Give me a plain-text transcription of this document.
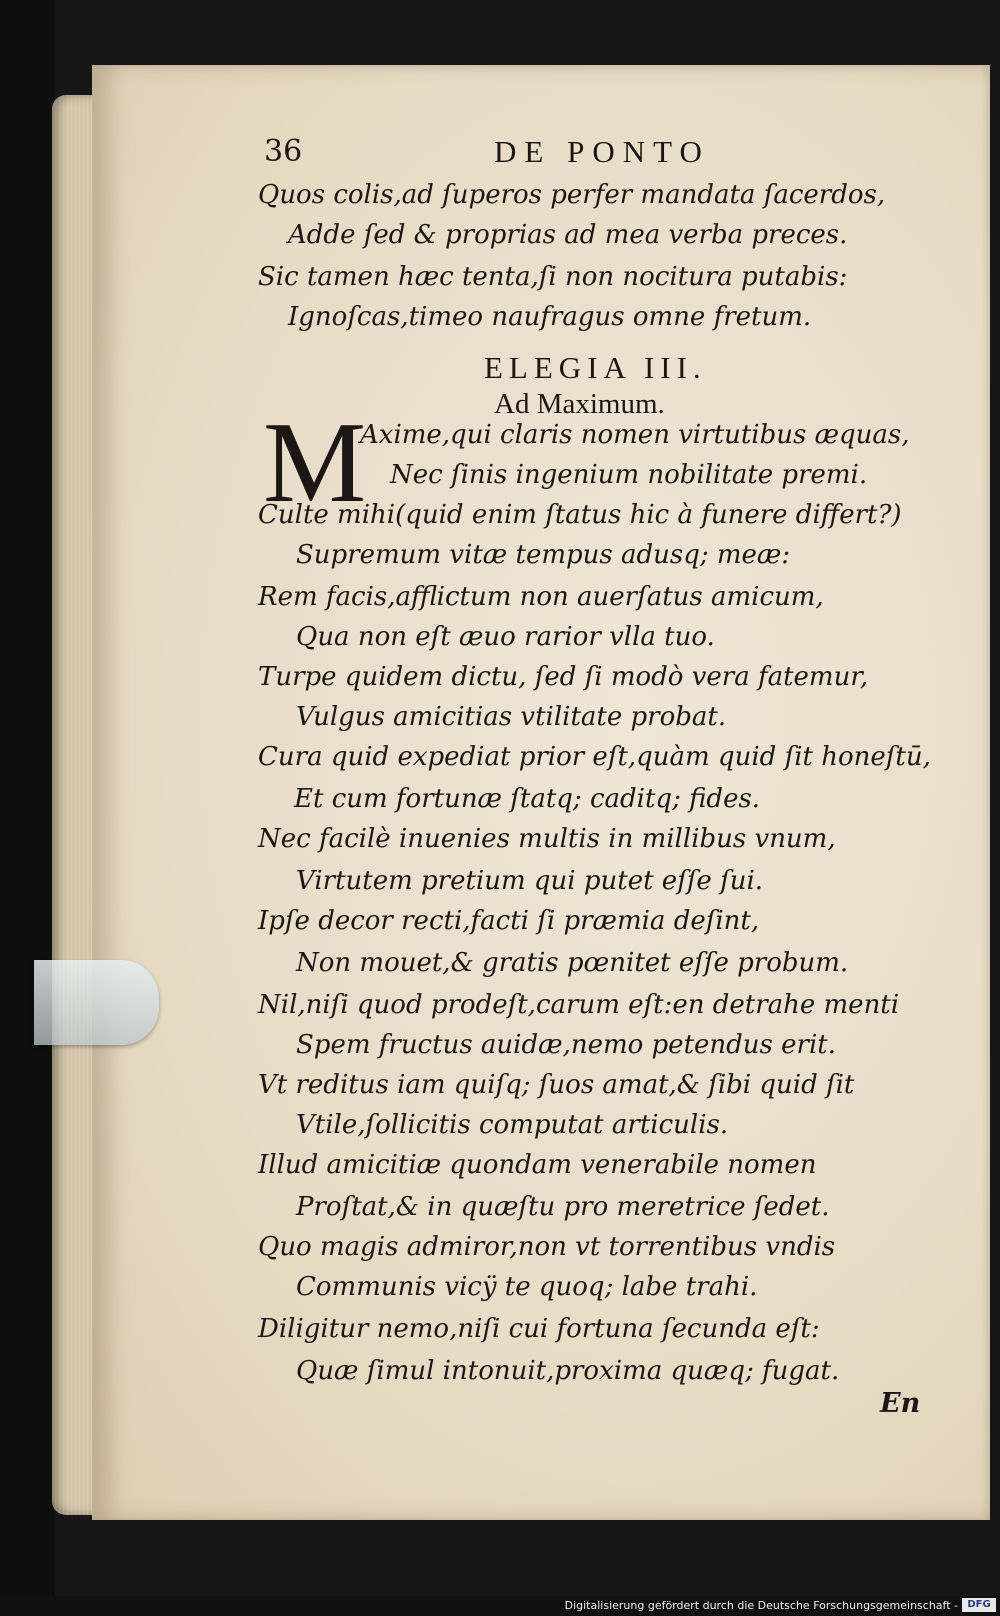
36	DE PONTO
Quos colis,ad ſuperos perfer mandata ſacerdos,
Adde ſed & proprias ad mea verba preces.
Sic tamen hæc tenta,ſi non nocitura putabis:
Ignoſcas,timeo naufragus omne fretum.
ELEGIA III.
Ad Maximum.
M
Axime,qui claris nomen virtutibus æquas,
Nec ſinis ingenium nobilitate premi.
Culte mihi(quid enim ſtatus hic à funere differt?)
Supremum vitæ tempus adusq; meæ:
Rem facis,afflictum non auerſatus amicum,
Qua non eſt æuo rarior vlla tuo.
Turpe quidem dictu, ſed ſi modò vera fatemur,
Vulgus amicitias vtilitate probat.
Cura quid expediat prior eſt,quàm quid ſit honeſtū,
Et cum fortunæ ſtatq; caditq; fides.
Nec facilè inuenies multis in millibus vnum,
Virtutem pretium qui putet eſſe ſui.
Ipſe decor recti,facti ſi præmia deſint,
Non mouet,& gratis pœnitet eſſe probum.
Nil,niſi quod prodeſt,carum eſt:en detrahe menti
Spem fructus auidæ,nemo petendus erit.
Vt reditus iam quiſq; ſuos amat,& ſibi quid ſit
Vtile,ſollicitis computat articulis.
Illud amicitiæ quondam venerabile nomen
Proſtat,& in quæſtu pro meretrice ſedet.
Quo magis admiror,non vt torrentibus vndis
Communis vicÿ te quoq; labe trahi.
Diligitur nemo,niſi cui fortuna ſecunda eſt:
Quæ ſimul intonuit,proxima quæq; fugat.
En
Digitalisierung gefördert durch die Deutsche Forschungsgemeinschaft - DFG
